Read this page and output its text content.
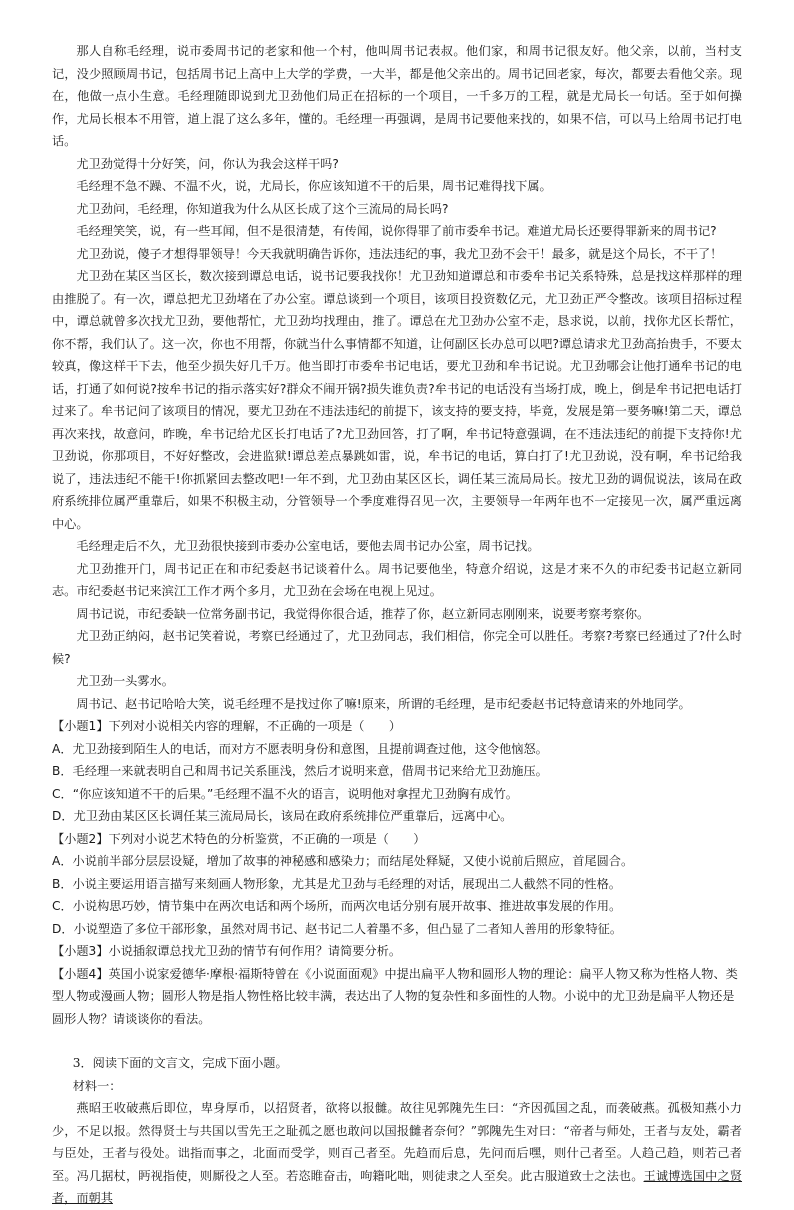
那人自称毛经理，说市委周书记的老家和他一个村，他叫周书记表叔。他们家，和周书记很友好。他父亲，以前，当村支记，没少照顾周书记，包括周书记上高中上大学的学费，一大半，都是他父亲出的。周书记回老家，每次，都要去看他父亲。现在，他做一点小生意。毛经理随即说到尤卫劲他们局正在招标的一个项目，一千多万的工程，就是尤局长一句话。至于如何操作，尤局长根本不用管，道上混了这么多年，懂的。毛经理一再强调，是周书记要他来找的，如果不信，可以马上给周书记打电话。

尤卫劲觉得十分好笑，问，你认为我会这样干吗?

毛经理不急不躁、不温不火，说，尤局长，你应该知道不干的后果，周书记难得找下属。

尤卫劲问，毛经理，你知道我为什么从区长成了这个三流局的局长吗?

毛经理笑笑，说，有一些耳闻，但不是很清楚，有传闻，说你得罪了前市委牟书记。难道尤局长还要得罪新来的周书记?

尤卫劲说，傻子才想得罪领导！今天我就明确告诉你，违法违纪的事，我尤卫劲不会干！最多，就是这个局长，不干了！

尤卫劲在某区当区长，数次接到谭总电话，说书记要我找你！尤卫劲知道谭总和市委牟书记关系特殊，总是找这样那样的理由推脱了。有一次，谭总把尤卫劲堵在了办公室。谭总谈到一个项目，该项目投资数亿元，尤卫劲正严令整改。该项目招标过程中，谭总就曾多次找尤卫劲，要他帮忙，尤卫劲均找理由，推了。谭总在尤卫劲办公室不走，恳求说，以前，找你尤区长帮忙，你不帮，我们认了。这一次，你也不用帮，你就当什么事情都不知道，让何副区长办总可以吧?谭总请求尤卫劲高抬贵手，不要太较真，像这样干下去，他至少损失好几千万。他当即打市委牟书记电话，要尤卫劲和牟书记说。尤卫劲哪会让他打通牟书记的电话，打通了如何说?按牟书记的指示落实好?群众不闹开锅?损失谁负责?牟书记的电话没有当场打成，晚上，倒是牟书记把电话打过来了。牟书记问了该项目的情况，要尤卫劲在不违法违纪的前提下，该支持的要支持，毕竟，发展是第一要务嘛!第二天，谭总再次来找，故意问，昨晚，牟书记给尤区长打电话了?尤卫劲回答，打了啊，牟书记特意强调，在不违法违纪的前提下支持你!尤卫劲说，你那项目，不好好整改，会进监狱!谭总差点暴跳如雷，说，牟书记的电话，算白打了!尤卫劲说，没有啊，牟书记给我说了，违法违纪不能干!你抓紧回去整改吧!一年不到，尤卫劲由某区区长，调任某三流局局长。按尤卫劲的调侃说法，该局在政府系统排位属严重靠后，如果不积极主动，分管领导一个季度难得召见一次，主要领导一年两年也不一定接见一次，属严重远离中心。

毛经理走后不久，尤卫劲很快接到市委办公室电话，要他去周书记办公室，周书记找。

尤卫劲推开门，周书记正在和市纪委赵书记谈着什么。周书记要他坐，特意介绍说，这是才来不久的市纪委书记赵立新同志。市纪委赵书记来滨江工作才两个多月，尤卫劲在会场在电视上见过。

周书记说，市纪委缺一位常务副书记，我觉得你很合适，推荐了你，赵立新同志刚刚来，说要考察考察你。

尤卫劲正纳闷，赵书记笑着说，考察已经通过了，尤卫劲同志，我们相信，你完全可以胜任。考察?考察已经通过了?什么时候?

尤卫劲一头雾水。

周书记、赵书记哈哈大笑，说毛经理不是找过你了嘛!原来，所谓的毛经理，是市纪委赵书记特意请来的外地同学。

【小题1】下列对小说相关内容的理解，不正确的一项是（　　）

A．尤卫劲接到陌生人的电话，而对方不愿表明身份和意图，且提前调查过他，这令他恼怒。

B．毛经理一来就表明自己和周书记关系匪浅，然后才说明来意，借周书记来给尤卫劲施压。

C．“你应该知道不干的后果。”毛经理不温不火的语言，说明他对拿捏尤卫劲胸有成竹。

D．尤卫劲由某区区长调任某三流局局长，该局在政府系统排位严重靠后，远离中心。

【小题2】下列对小说艺术特色的分析鉴赏，不正确的一项是（　　）

A．小说前半部分层层设疑，增加了故事的神秘感和感染力；而结尾处释疑，又使小说前后照应，首尾圆合。

B．小说主要运用语言描写来刻画人物形象，尤其是尤卫劲与毛经理的对话，展现出二人截然不同的性格。

C．小说构思巧妙，情节集中在两次电话和两个场所，而两次电话分别有展开故事、推进故事发展的作用。

D．小说塑造了多位干部形象，虽然对周书记、赵书记二人着墨不多，但凸显了二者知人善用的形象特征。

【小题3】小说插叙谭总找尤卫劲的情节有何作用？请简要分析。

【小题4】英国小说家爱德华·摩根·福斯特曾在《小说面面观》中提出扁平人物和圆形人物的理论：扁平人物又称为性格人物、类型人物或漫画人物；圆形人物是指人物性格比较丰满，表达出了人物的复杂性和多面性的人物。小说中的尤卫劲是扁平人物还是圆形人物？请谈谈你的看法。

3．阅读下面的文言文，完成下面小题。

材料一：

燕昭王收破燕后即位，卑身厚币，以招贤者，欲将以报雠。故往见郭隗先生曰：“齐因孤国之乱，而袭破燕。孤极知燕小力少，不足以报。然得贤士与共国以雪先王之耻孤之愿也敢问以国报雠者奈何？”郭隗先生对曰：“帝者与师处，王者与友处，霸者与臣处，王者与役处。诎指而事之，北面而受学，则百己者至。先趋而后息，先问而后嘿，则什己者至。人趋己趋，则若己者至。冯几据杖，眄视指使，则厮役之人至。若恣睢奋击，呴籍叱咄，则徒隶之人至矣。此古服道致士之法也。王诚博选国中之贤者，而朝其
